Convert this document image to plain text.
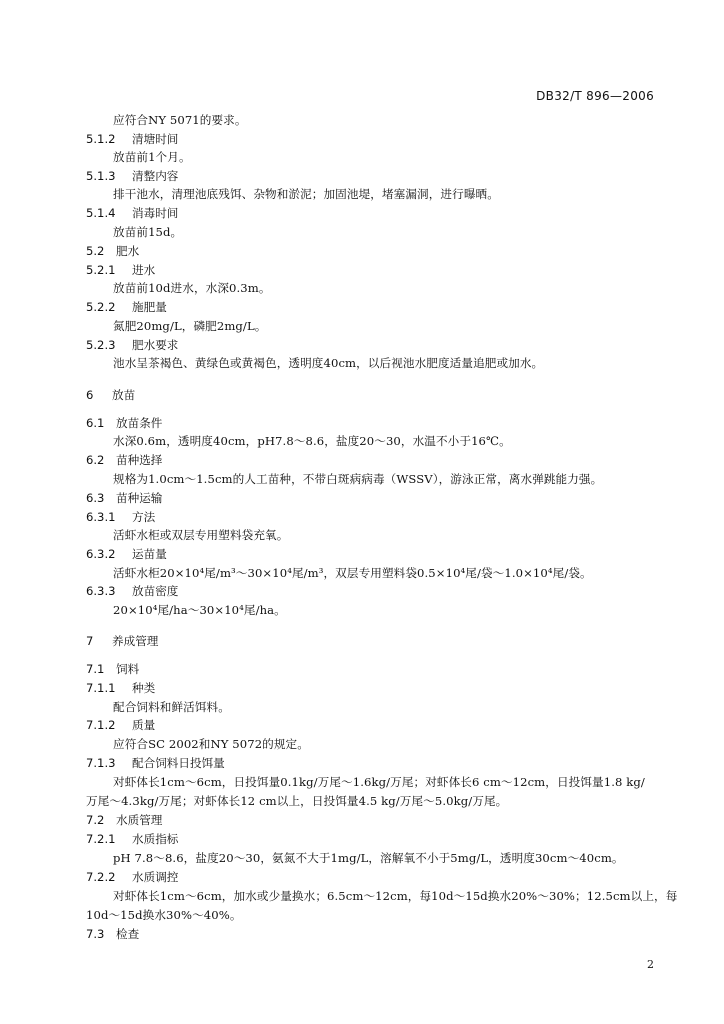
DB32/T 896—2006
应符合NY 5071的要求。
5.1.2 清塘时间
放苗前1个月。
5.1.3 清整内容
排干池水，清理池底残饵、杂物和淤泥；加固池堤，堵塞漏洞，进行曝晒。
5.1.4 消毒时间
放苗前15d。
5.2 肥水
5.2.1 进水
放苗前10d进水，水深0.3m。
5.2.2 施肥量
氮肥20mg/L，磷肥2mg/L。
5.2.3 肥水要求
池水呈茶褐色、黄绿色或黄褐色，透明度40cm，以后视池水肥度适量追肥或加水。
6 放苗
6.1 放苗条件
水深0.6m，透明度40cm，pH7.8～8.6，盐度20～30，水温不小于16℃。
6.2 苗种选择
规格为1.0cm～1.5cm的人工苗种，不带白斑病病毒（WSSV），游泳正常，离水弹跳能力强。
6.3 苗种运输
6.3.1 方法
活虾水柜或双层专用塑料袋充氧。
6.3.2 运苗量
活虾水柜20×10⁴尾/m³～30×10⁴尾/m³，双层专用塑料袋0.5×10⁴尾/袋～1.0×10⁴尾/袋。
6.3.3 放苗密度
20×10⁴尾/ha～30×10⁴尾/ha。
7 养成管理
7.1 饲料
7.1.1 种类
配合饲料和鲜活饵料。
7.1.2 质量
应符合SC 2002和NY 5072的规定。
7.1.3 配合饲料日投饵量
对虾体长1cm～6cm，日投饵量0.1kg/万尾～1.6kg/万尾；对虾体长6 cm～12cm，日投饵量1.8 kg/
万尾～4.3kg/万尾；对虾体长12 cm以上，日投饵量4.5 kg/万尾～5.0kg/万尾。
7.2 水质管理
7.2.1 水质指标
pH 7.8～8.6，盐度20～30，氨氮不大于1mg/L，溶解氧不小于5mg/L，透明度30cm～40cm。
7.2.2 水质调控
对虾体长1cm～6cm，加水或少量换水；6.5cm～12cm，每10d～15d换水20%～30%；12.5cm以上，每
10d～15d换水30%～40%。
7.3 检查
2
